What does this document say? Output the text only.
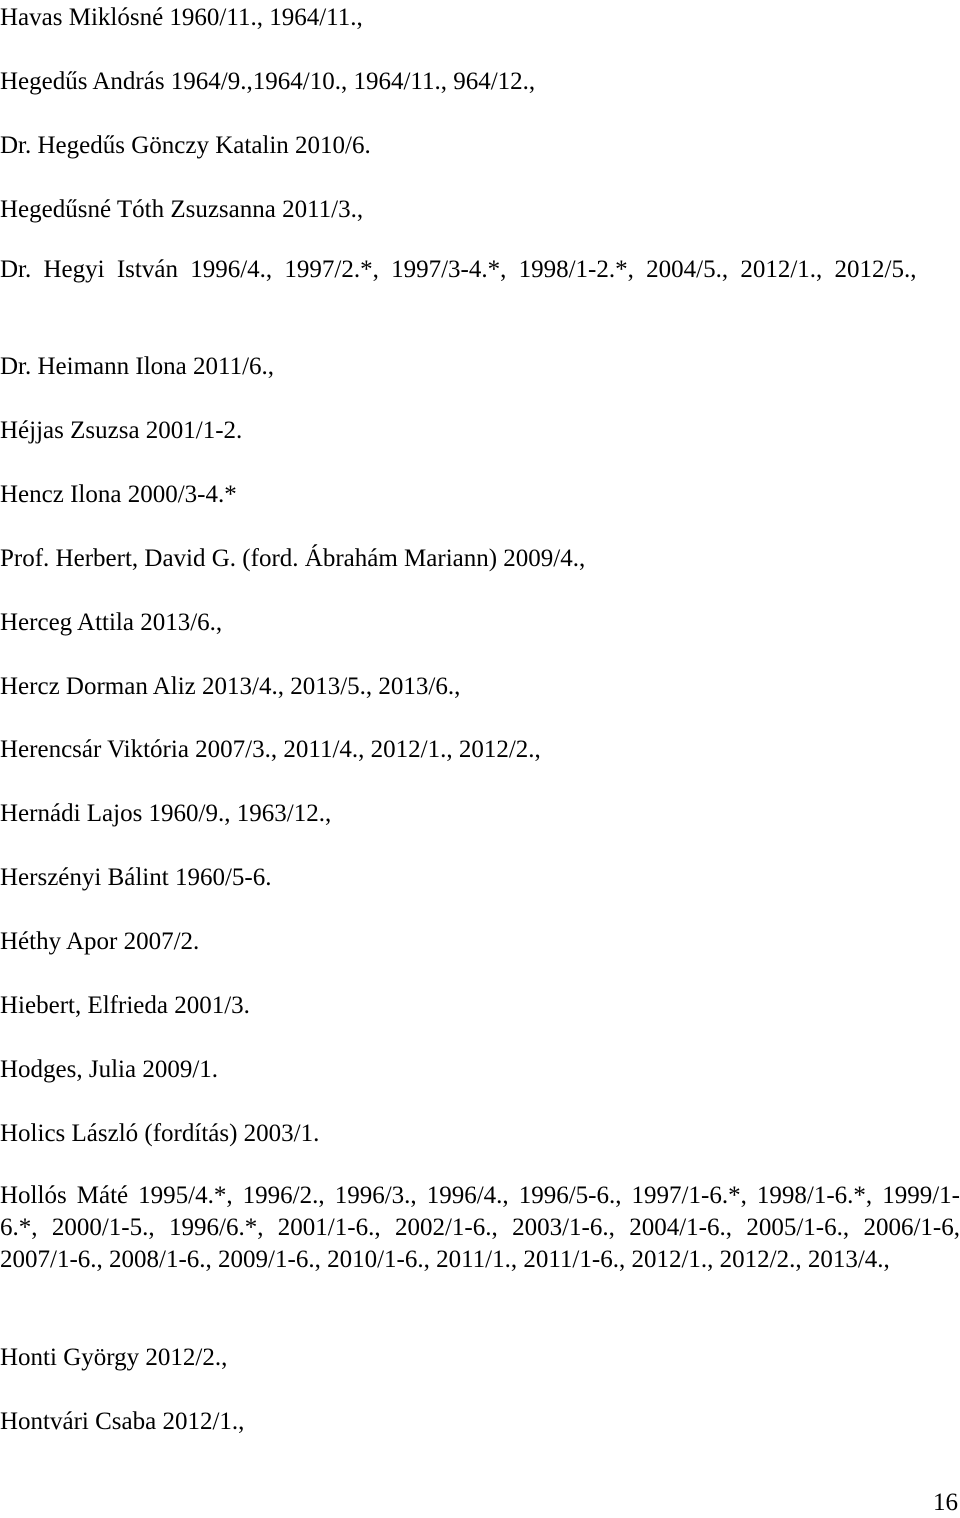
Havas Miklósné 1960/11., 1964/11.,
Hegedűs András 1964/9.,1964/10., 1964/11., 964/12.,
Dr. Hegedűs Gönczy Katalin 2010/6.
Hegedűsné Tóth Zsuzsanna 2011/3.,
Dr. Hegyi István 1996/4., 1997/2.*, 1997/3-4.*, 1998/1-2.*, 2004/5., 2012/1., 2012/5.,
Dr. Heimann Ilona 2011/6.,
Héjjas Zsuzsa 2001/1-2.
Hencz Ilona 2000/3-4.*
Prof. Herbert, David G. (ford. Ábrahám Mariann) 2009/4.,
Herceg Attila 2013/6.,
Hercz Dorman Aliz 2013/4., 2013/5., 2013/6.,
Herencsár Viktória 2007/3., 2011/4., 2012/1., 2012/2.,
Hernádi Lajos 1960/9., 1963/12.,
Herszényi Bálint 1960/5-6.
Héthy Apor 2007/2.
Hiebert, Elfrieda 2001/3.
Hodges, Julia 2009/1.
Holics László (fordítás) 2003/1.
Hollós Máté 1995/4.*, 1996/2., 1996/3., 1996/4., 1996/5-6., 1997/1-6.*, 1998/1-6.*, 1999/1-6.*, 2000/1-5., 1996/6.*, 2001/1-6., 2002/1-6., 2003/1-6., 2004/1-6., 2005/1-6., 2006/1-6, 2007/1-6., 2008/1-6., 2009/1-6., 2010/1-6., 2011/1., 2011/1-6., 2012/1., 2012/2., 2013/4.,
Honti György 2012/2.,
Hontvári Csaba 2012/1.,
16
